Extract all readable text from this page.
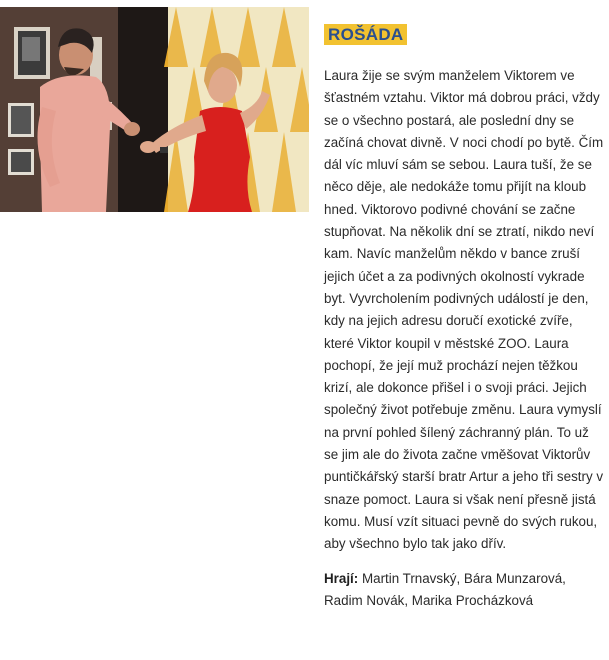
ROŠÁDA

Laura žije se svým manželem Viktorem ve šťastném vztahu. Viktor má dobrou práci, vždy se o všechno postará, ale poslední dny se začíná chovat divně. V noci chodí po bytě. Čím dál víc mluví sám se sebou. Laura tuší, že se něco děje, ale nedokáže tomu přijít na kloub hned. Viktorovo podivné chování se začne stupňovat. Na několik dní se ztratí, nikdo neví kam. Navíc manželům někdo v bance zruší jejich účet a za podivných okolností vykrade byt. Vyvrcholením podivných událostí je den, kdy na jejich adresu doručí exotické zvíře, které Viktor koupil v městské ZOO. Laura pochopí, že její muž prochází nejen těžkou krizí, ale dokonce přišel i o svoji práci. Jejich společný život potřebuje změnu. Laura vymyslí na první pohled šílený záchranný plán. To už se jim ale do života začne vměšovat Viktorův puntičkářský starší bratr Artur a jeho tři sestry v snaze pomoct. Laura si však není přesně jistá komu. Musí vzít situaci pevně do svých rukou, aby všechno bylo tak jako dřív.

Hrají: Martin Trnavský, Bára Munzarová, Radim Novák, Marika Procházková
